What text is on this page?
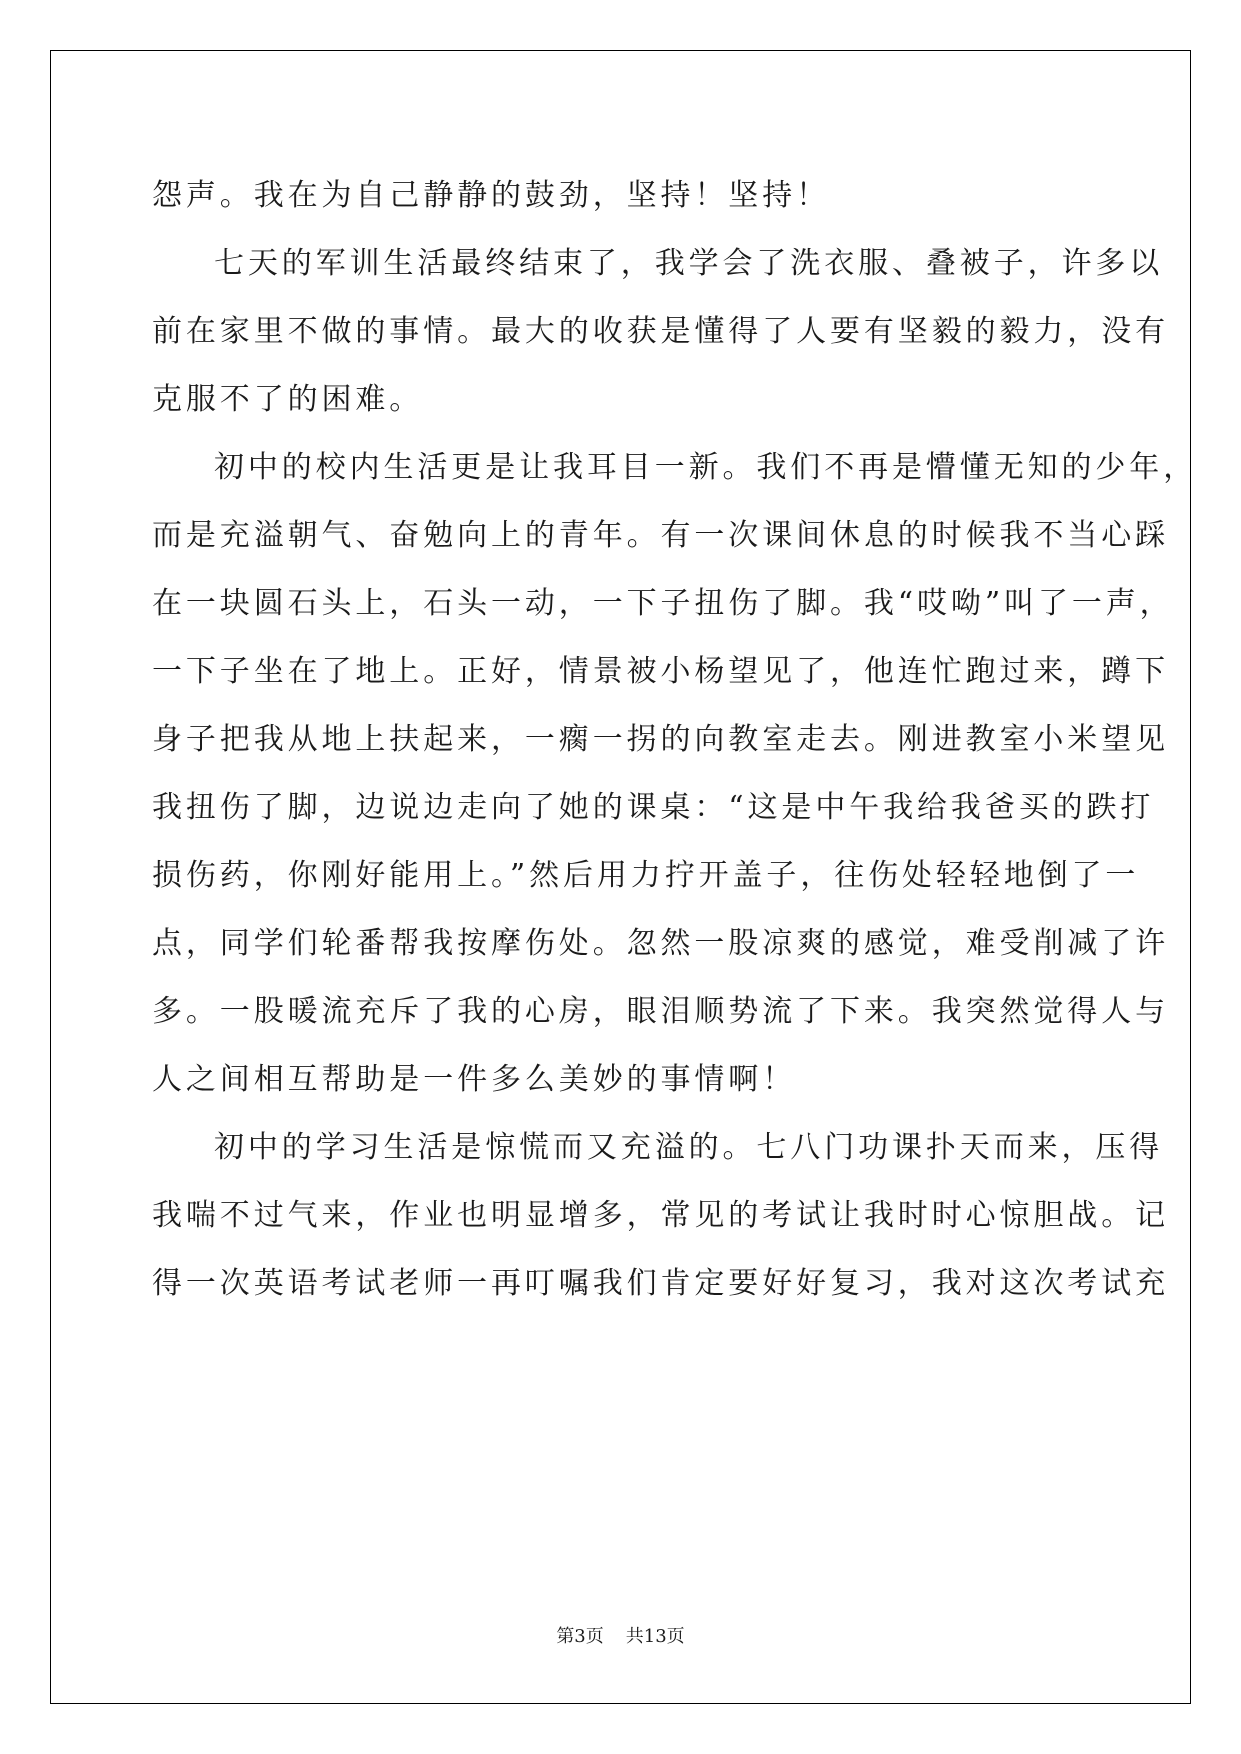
怨声。我在为自己静静的鼓劲，坚持！坚持！
七天的军训生活最终结束了，我学会了洗衣服、叠被子，许多以
前在家里不做的事情。最大的收获是懂得了人要有坚毅的毅力，没有
克服不了的困难。
初中的校内生活更是让我耳目一新。我们不再是懵懂无知的少年，
而是充溢朝气、奋勉向上的青年。有一次课间休息的时候我不当心踩
在一块圆石头上，石头一动，一下子扭伤了脚。我“哎呦”叫了一声，
一下子坐在了地上。正好，情景被小杨望见了，他连忙跑过来，蹲下
身子把我从地上扶起来，一瘸一拐的向教室走去。刚进教室小米望见
我扭伤了脚，边说边走向了她的课桌：“这是中午我给我爸买的跌打
损伤药，你刚好能用上。”然后用力拧开盖子，往伤处轻轻地倒了一
点，同学们轮番帮我按摩伤处。忽然一股凉爽的感觉，难受削减了许
多。一股暖流充斥了我的心房，眼泪顺势流了下来。我突然觉得人与
人之间相互帮助是一件多么美妙的事情啊！
初中的学习生活是惊慌而又充溢的。七八门功课扑天而来，压得
我喘不过气来，作业也明显增多，常见的考试让我时时心惊胆战。记
得一次英语考试老师一再叮嘱我们肯定要好好复习，我对这次考试充
第3页 共13页
